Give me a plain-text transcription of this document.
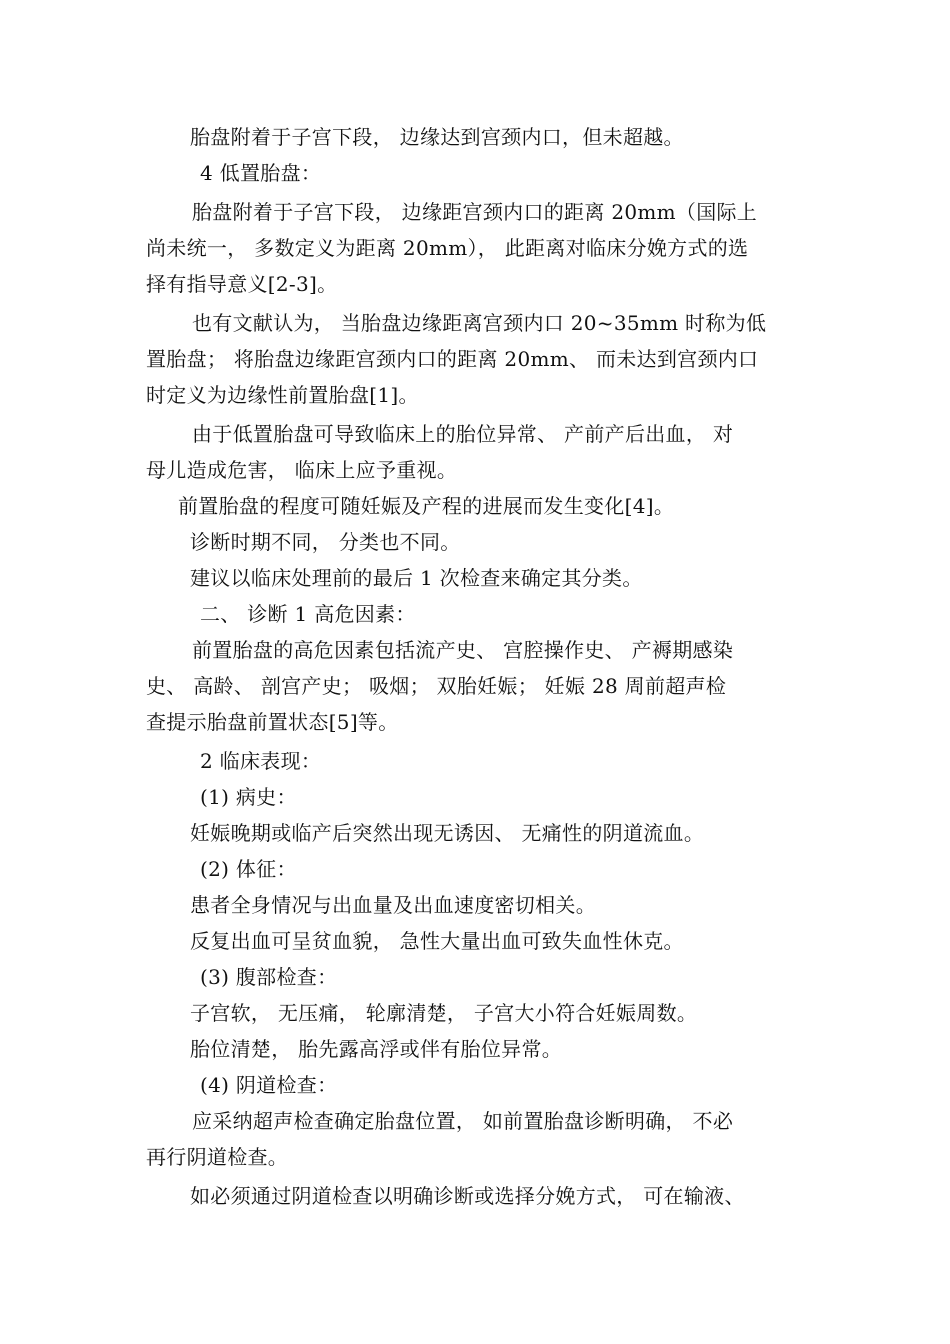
胎盘附着于子宫下段， 边缘达到宫颈内口，但未超越。
4 低置胎盘：
胎盘附着于子宫下段， 边缘距宫颈内口的距离 20mm（国际上
尚未统一， 多数定义为距离 20mm）， 此距离对临床分娩方式的选
择有指导意义[2-3]。
也有文献认为， 当胎盘边缘距离宫颈内口 20~35mm 时称为低
置胎盘； 将胎盘边缘距宫颈内口的距离 20mm、 而未达到宫颈内口
时定义为边缘性前置胎盘[1]。
由于低置胎盘可导致临床上的胎位异常、 产前产后出血， 对
母儿造成危害， 临床上应予重视。
前置胎盘的程度可随妊娠及产程的进展而发生变化[4]。
诊断时期不同， 分类也不同。
建议以临床处理前的最后 1 次检查来确定其分类。
二、 诊断 1 高危因素：
前置胎盘的高危因素包括流产史、 宫腔操作史、 产褥期感染
史、 高龄、 剖宫产史； 吸烟； 双胎妊娠； 妊娠 28 周前超声检
查提示胎盘前置状态[5]等。
2 临床表现：
(1) 病史：
妊娠晚期或临产后突然出现无诱因、 无痛性的阴道流血。
(2) 体征：
患者全身情况与出血量及出血速度密切相关。
反复出血可呈贫血貌， 急性大量出血可致失血性休克。
(3) 腹部检查：
子宫软， 无压痛， 轮廓清楚， 子宫大小符合妊娠周数。
胎位清楚， 胎先露高浮或伴有胎位异常。
(4) 阴道检查：
应采纳超声检查确定胎盘位置， 如前置胎盘诊断明确， 不必
再行阴道检查。
如必须通过阴道检查以明确诊断或选择分娩方式， 可在输液、
